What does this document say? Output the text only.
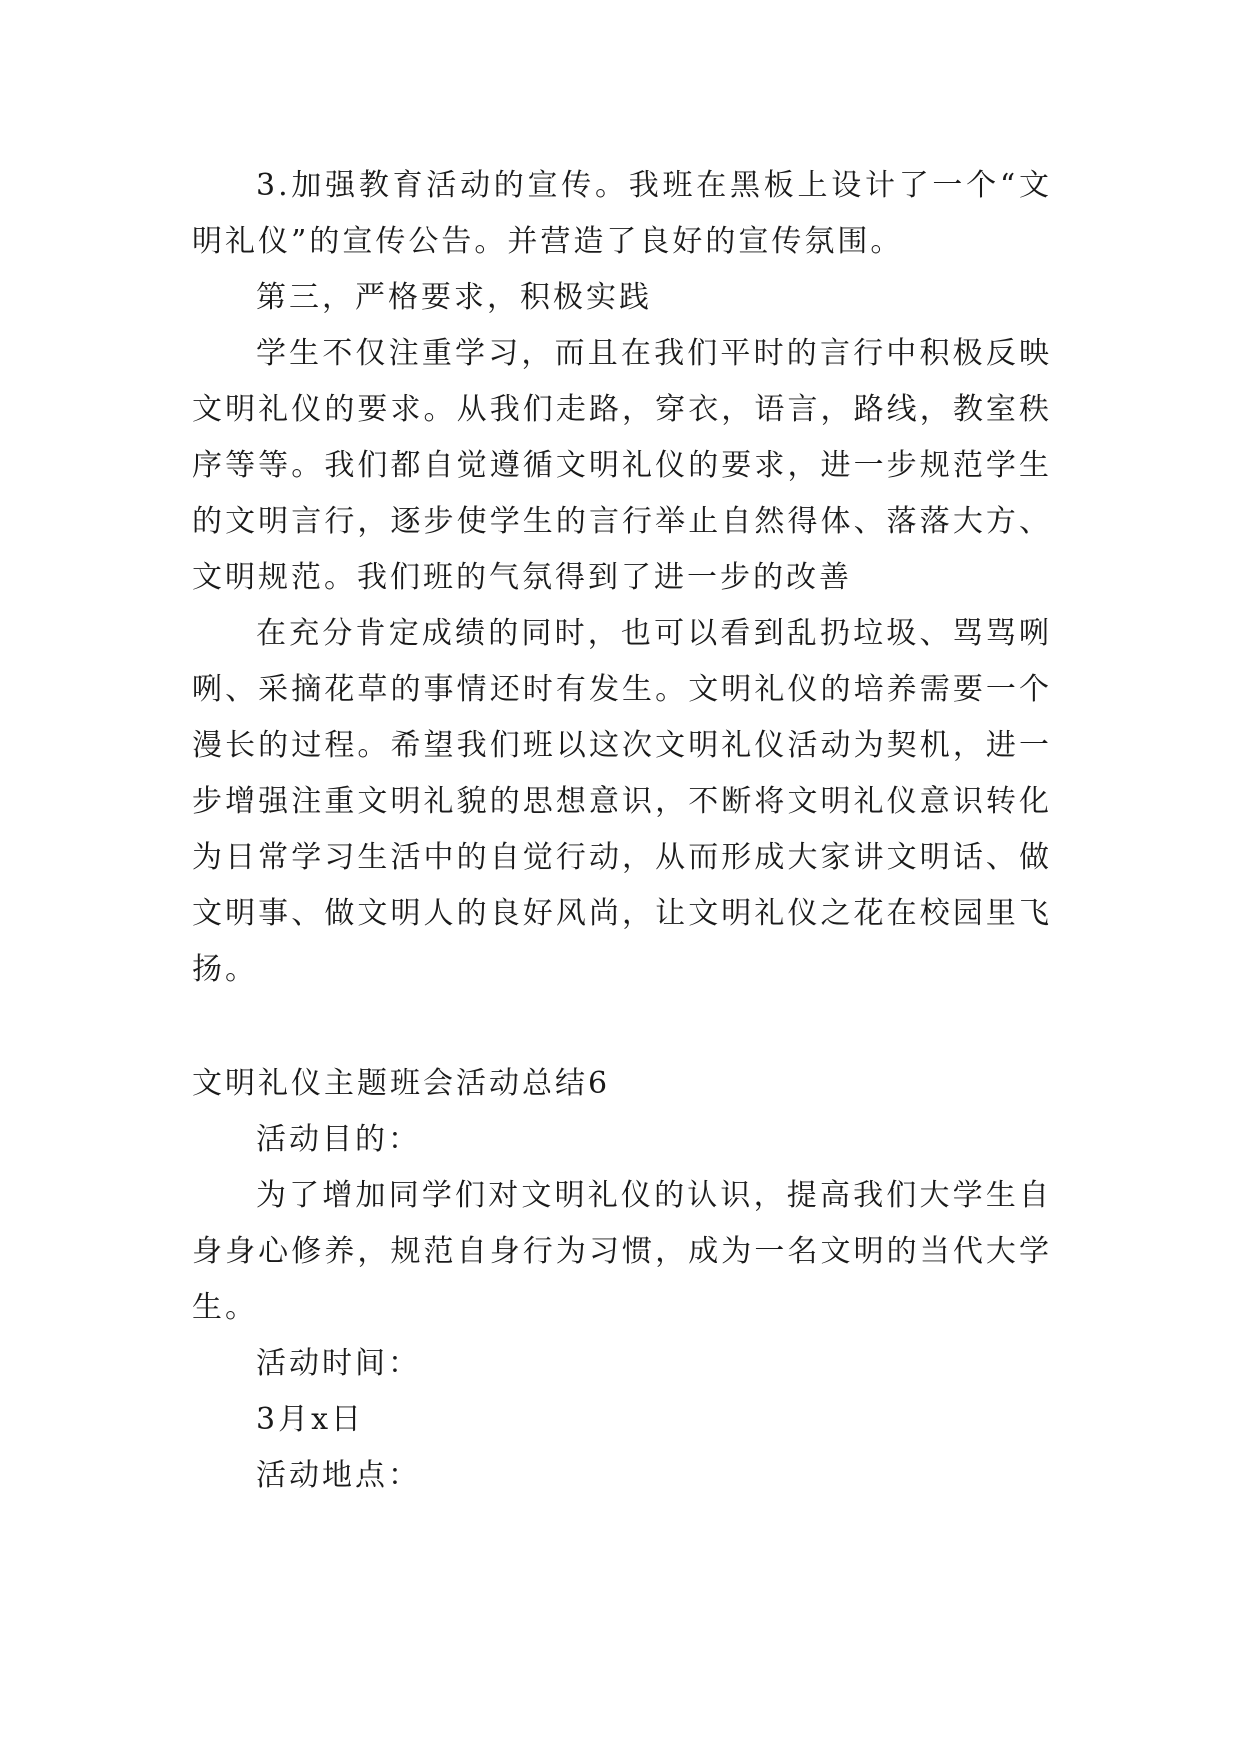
3.加强教育活动的宣传。我班在黑板上设计了一个“文明礼仪”的宣传公告。并营造了良好的宣传氛围。

第三，严格要求，积极实践

学生不仅注重学习，而且在我们平时的言行中积极反映文明礼仪的要求。从我们走路，穿衣，语言，路线，教室秩序等等。我们都自觉遵循文明礼仪的要求，进一步规范学生的文明言行，逐步使学生的言行举止自然得体、落落大方、文明规范。我们班的气氛得到了进一步的改善

在充分肯定成绩的同时，也可以看到乱扔垃圾、骂骂咧咧、采摘花草的事情还时有发生。文明礼仪的培养需要一个漫长的过程。希望我们班以这次文明礼仪活动为契机，进一步增强注重文明礼貌的思想意识，不断将文明礼仪意识转化为日常学习生活中的自觉行动，从而形成大家讲文明话、做文明事、做文明人的良好风尚，让文明礼仪之花在校园里飞扬。

文明礼仪主题班会活动总结6

活动目的：

为了增加同学们对文明礼仪的认识，提高我们大学生自身身心修养，规范自身行为习惯，成为一名文明的当代大学生。

活动时间：

3月x日

活动地点：
